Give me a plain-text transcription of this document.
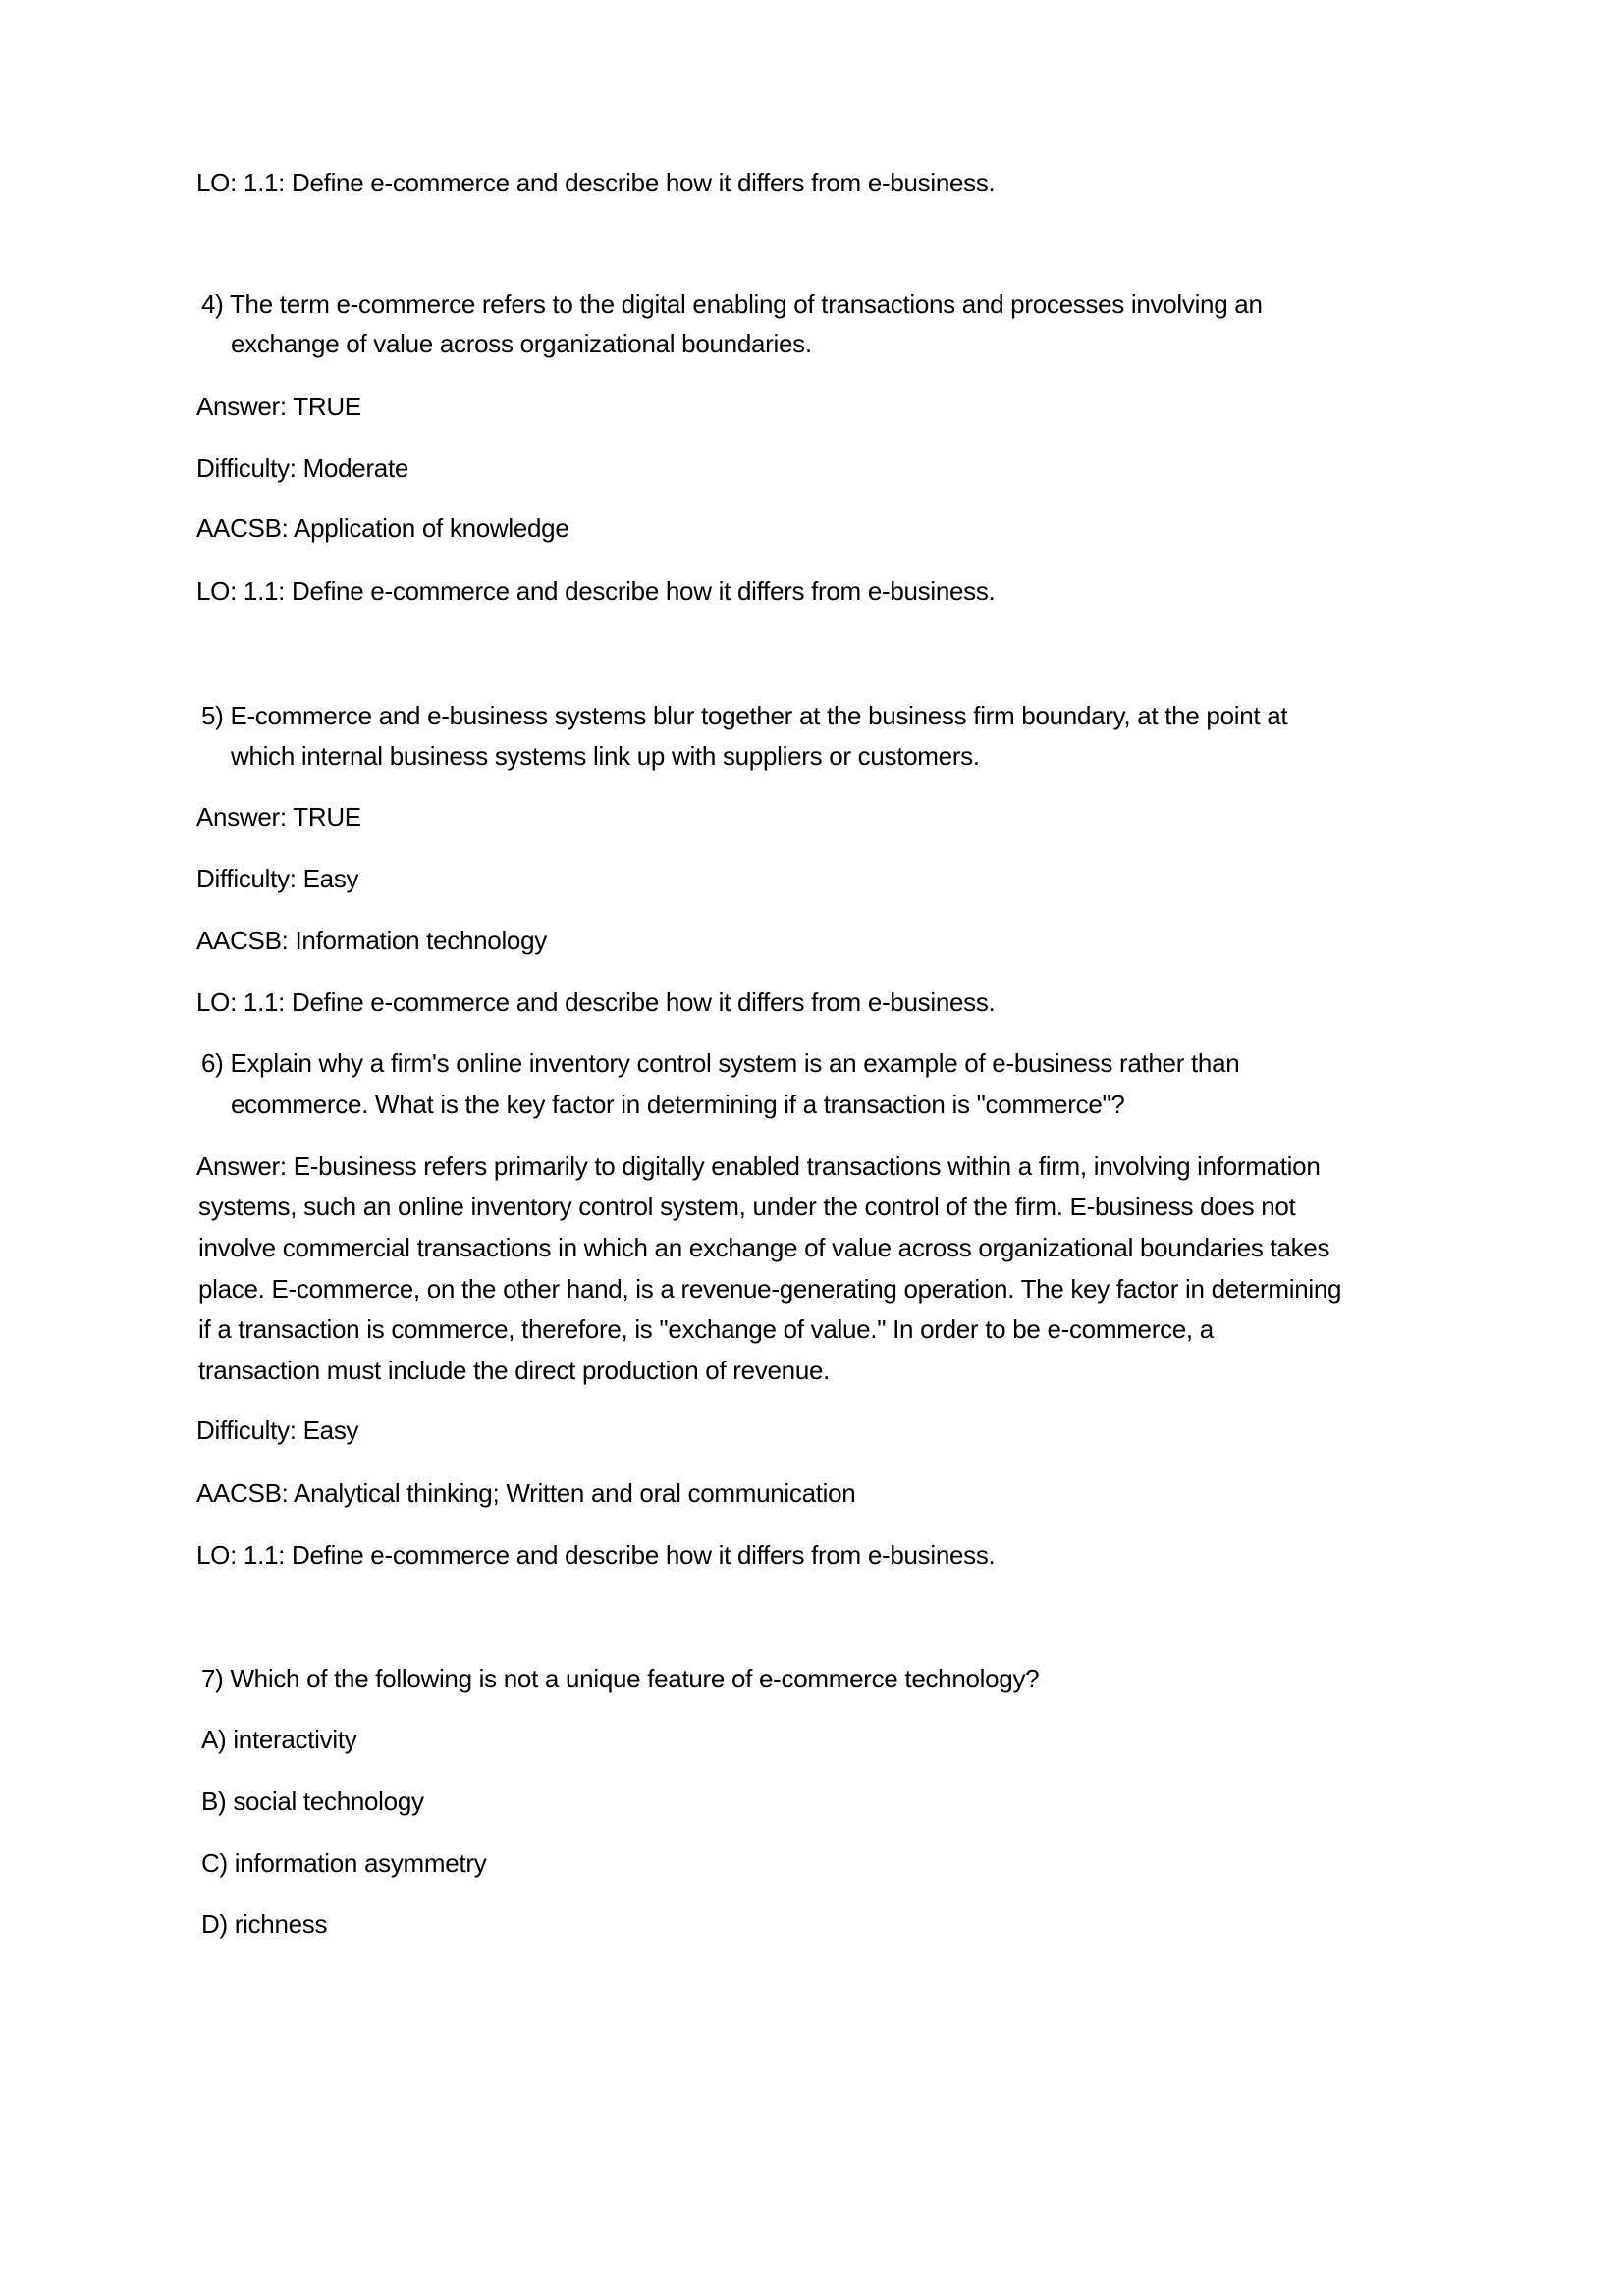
LO: 1.1: Define e-commerce and describe how it differs from e-business.
4) The term e-commerce refers to the digital enabling of transactions and processes involving an
exchange of value across organizational boundaries.
Answer: TRUE
Difficulty: Moderate
AACSB: Application of knowledge
LO: 1.1: Define e-commerce and describe how it differs from e-business.
5) E-commerce and e-business systems blur together at the business firm boundary, at the point at
which internal business systems link up with suppliers or customers.
Answer: TRUE
Difficulty: Easy
AACSB: Information technology
LO: 1.1: Define e-commerce and describe how it differs from e-business.
6) Explain why a firm's online inventory control system is an example of e-business rather than
ecommerce. What is the key factor in determining if a transaction is "commerce"?
Answer: E-business refers primarily to digitally enabled transactions within a firm, involving information
systems, such an online inventory control system, under the control of the firm. E-business does not
involve commercial transactions in which an exchange of value across organizational boundaries takes
place. E-commerce, on the other hand, is a revenue-generating operation. The key factor in determining
if a transaction is commerce, therefore, is "exchange of value." In order to be e-commerce, a
transaction must include the direct production of revenue.
Difficulty: Easy
AACSB: Analytical thinking; Written and oral communication
LO: 1.1: Define e-commerce and describe how it differs from e-business.
7) Which of the following is not a unique feature of e-commerce technology?
A) interactivity
B) social technology
C) information asymmetry
D) richness
